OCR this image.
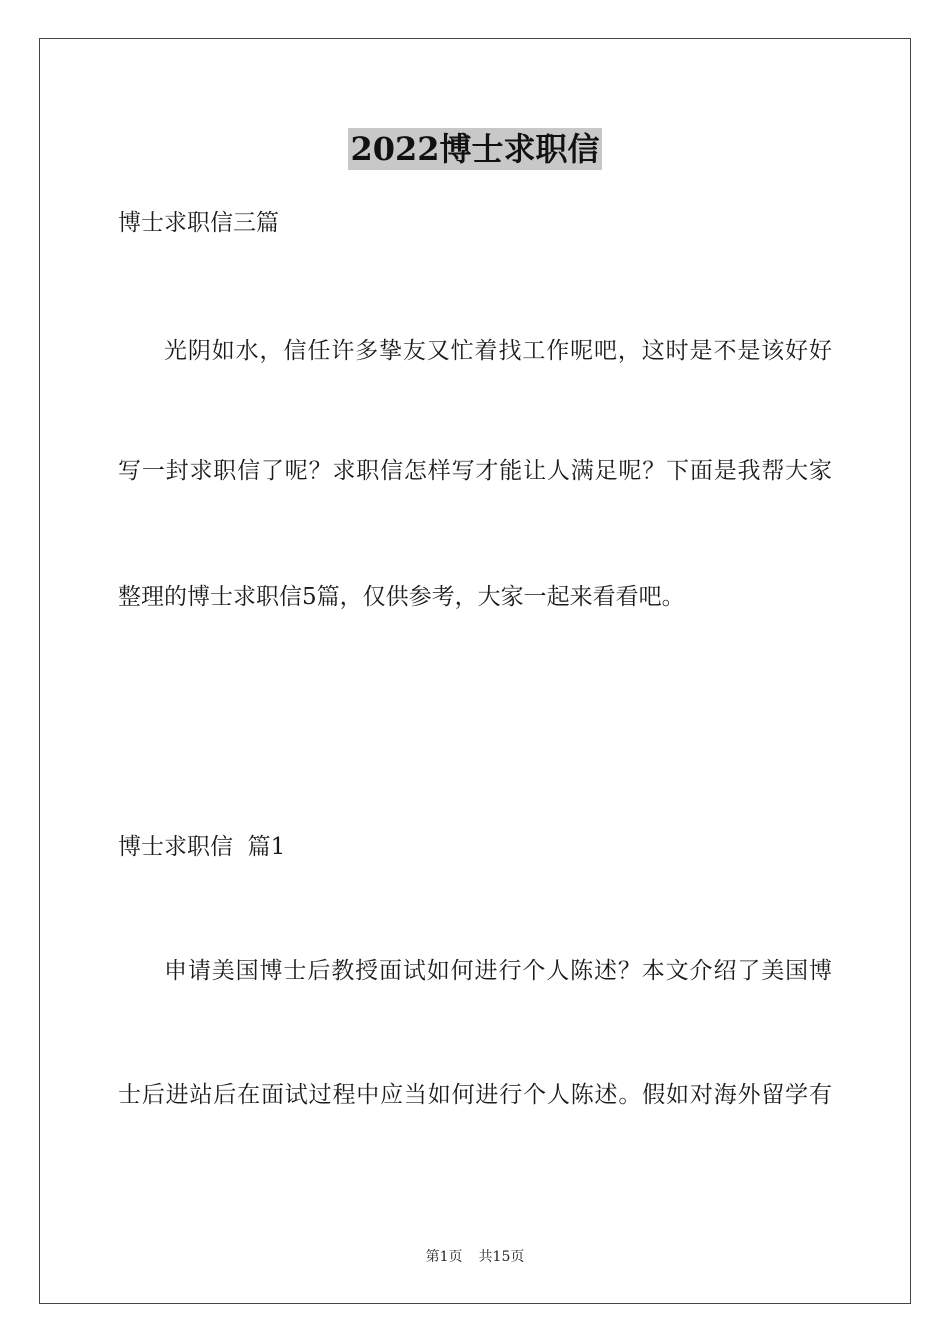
2022博士求职信
博士求职信三篇
光阴如水，信任许多挚友又忙着找工作呢吧，这时是不是该好好
写一封求职信了呢？求职信怎样写才能让人满足呢？下面是我帮大家
整理的博士求职信5篇，仅供参考，大家一起来看看吧。
博士求职信  篇1
申请美国博士后教授面试如何进行个人陈述？本文介绍了美国博
士后进站后在面试过程中应当如何进行个人陈述。假如对海外留学有
第1页 共15页
